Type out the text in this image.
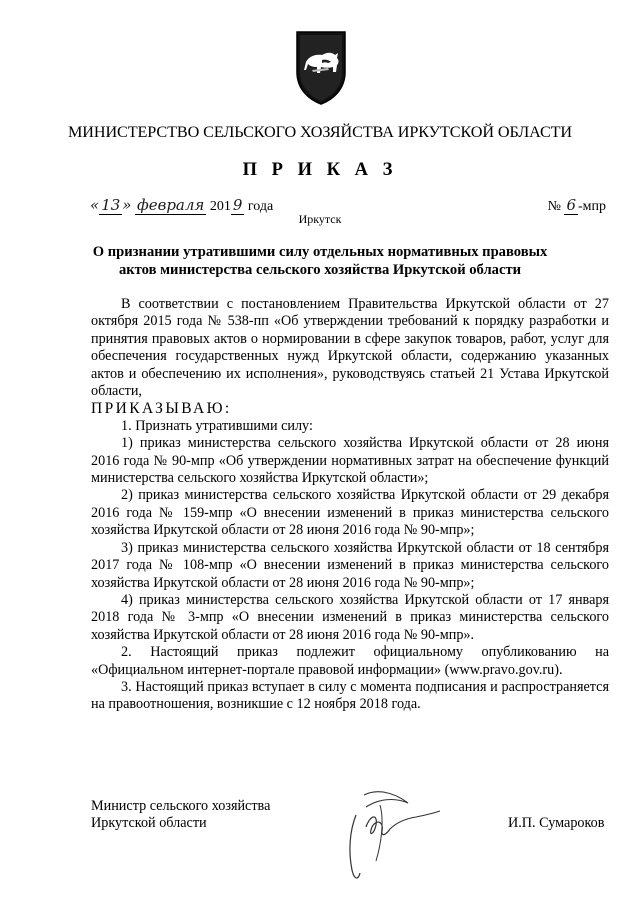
МИНИСТЕРСТВО СЕЛЬСКОГО ХОЗЯЙСТВА ИРКУТСКОЙ ОБЛАСТИ
П Р И К А З
« 13 » февраля 201 9 года	№ 6 -мпр
Иркутск
О признании утратившими силу отдельных нормативных правовых
актов министерства сельского хозяйства Иркутской области

В соответствии с постановлением Правительства Иркутской области от 27 октября 2015 года № 538-пп «Об утверждении требований к порядку разработки и принятия правовых актов о нормировании в сфере закупок товаров, работ, услуг для обеспечения государственных нужд Иркутской области, содержанию указанных актов и обеспечению их исполнения», руководствуясь статьей 21 Устава Иркутской области,

ПРИКАЗЫВАЮ:

1. Признать утратившими силу:

1) приказ министерства сельского хозяйства Иркутской области от 28 июня 2016 года № 90-мпр «Об утверждении нормативных затрат на обеспечение функций министерства сельского хозяйства Иркутской области»;

2) приказ министерства сельского хозяйства Иркутской области от 29 декабря 2016 года № 159-мпр «О внесении изменений в приказ министерства сельского хозяйства Иркутской области от 28 июня 2016 года № 90-мпр»;

3) приказ министерства сельского хозяйства Иркутской области от 18 сентября 2017 года № 108-мпр «О внесении изменений в приказ министерства сельского хозяйства Иркутской области от 28 июня 2016 года № 90-мпр»;

4) приказ министерства сельского хозяйства Иркутской области от 17 января 2018 года № 3-мпр «О внесении изменений в приказ министерства сельского хозяйства Иркутской области от 28 июня 2016 года № 90-мпр».

2. Настоящий приказ подлежит официальному опубликованию на «Официальном интернет-портале правовой информации» (www.pravo.gov.ru).

3. Настоящий приказ вступает в силу с момента подписания и распространяется на правоотношения, возникшие с 12 ноября 2018 года.

Министр сельского хозяйства
Иркутской области	И.П. Сумароков
